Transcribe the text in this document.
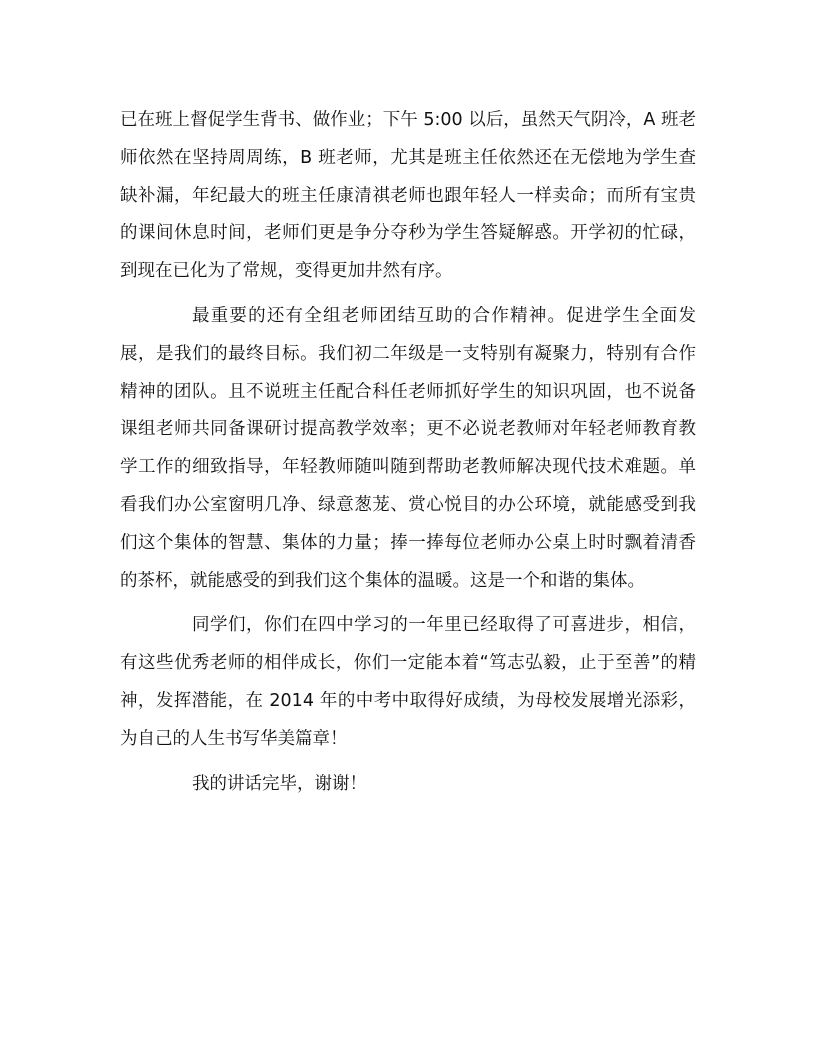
已在班上督促学生背书、做作业；下午 5:00 以后，虽然天气阴冷，A 班老师依然在坚持周周练，B 班老师，尤其是班主任依然还在无偿地为学生查缺补漏，年纪最大的班主任康清祺老师也跟年轻人一样卖命；而所有宝贵的课间休息时间，老师们更是争分夺秒为学生答疑解惑。开学初的忙碌，到现在已化为了常规，变得更加井然有序。

最重要的还有全组老师团结互助的合作精神。促进学生全面发展，是我们的最终目标。我们初二年级是一支特别有凝聚力，特别有合作精神的团队。且不说班主任配合科任老师抓好学生的知识巩固，也不说备课组老师共同备课研讨提高教学效率；更不必说老教师对年轻老师教育教学工作的细致指导，年轻教师随叫随到帮助老教师解决现代技术难题。单看我们办公室窗明几净、绿意葱茏、赏心悦目的办公环境，就能感受到我们这个集体的智慧、集体的力量；捧一捧每位老师办公桌上时时飘着清香的茶杯，就能感受的到我们这个集体的温暖。这是一个和谐的集体。

同学们，你们在四中学习的一年里已经取得了可喜进步，相信，有这些优秀老师的相伴成长，你们一定能本着“笃志弘毅，止于至善”的精神，发挥潜能，在 2014 年的中考中取得好成绩，为母校发展增光添彩，为自己的人生书写华美篇章！

我的讲话完毕，谢谢！
